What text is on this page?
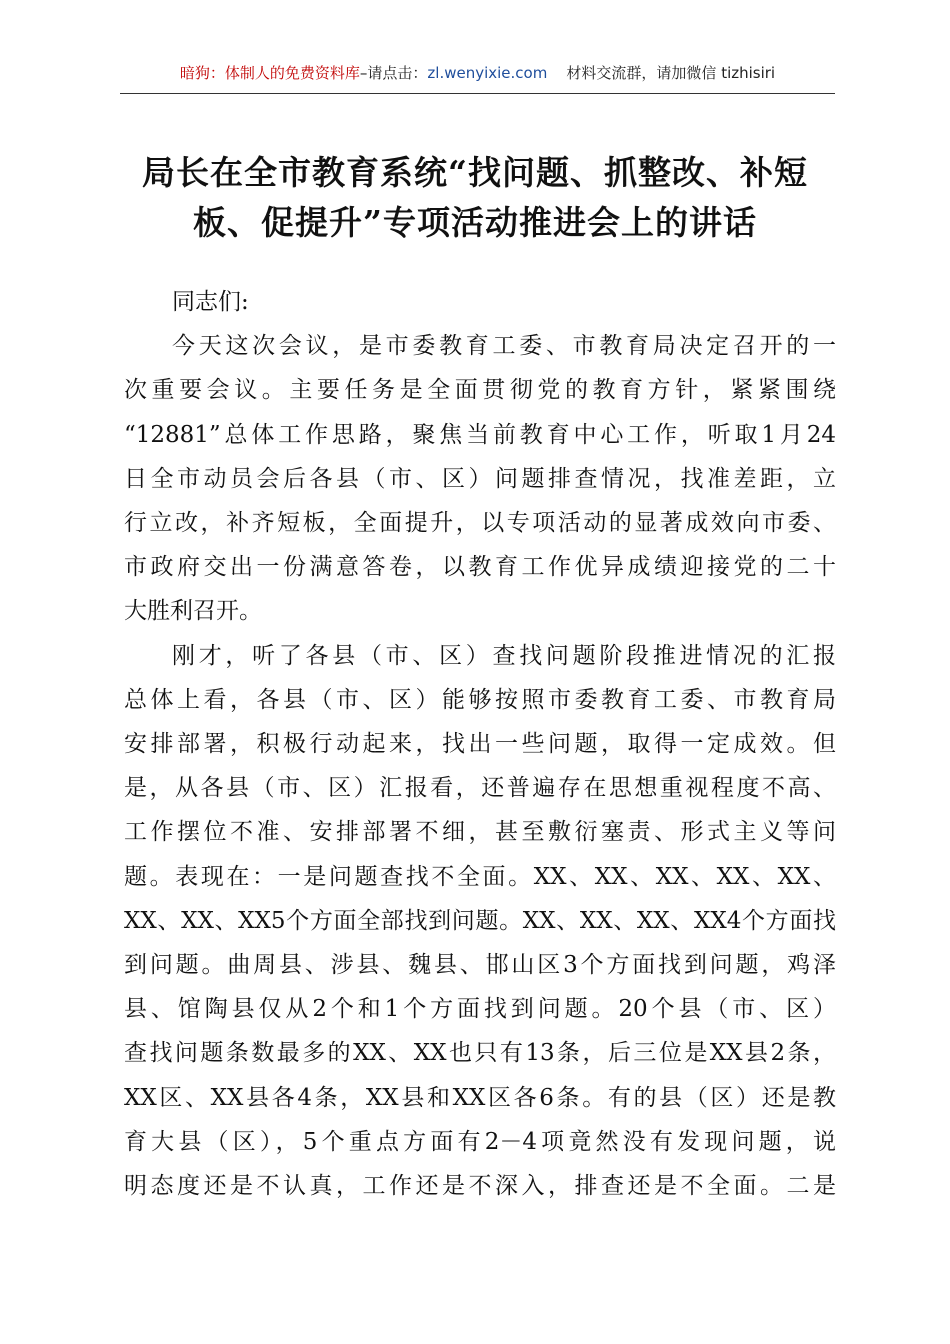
暗狗：体制人的免费资料库–请点击：zl.wenyixie.com 材料交流群，请加微信 tizhisiri
局长在全市教育系统“找问题、抓整改、补短
板、促提升”专项活动推进会上的讲话
同志们:
今天这次会议，是市委教育工委、市教育局决定召开的一
次重要会议。主要任务是全面贯彻党的教育方针，紧紧围绕
“12881”总体工作思路，聚焦当前教育中心工作，听取1月24
日全市动员会后各县（市、区）问题排查情况，找准差距，立
行立改，补齐短板，全面提升，以专项活动的显著成效向市委、
市政府交出一份满意答卷，以教育工作优异成绩迎接党的二十
大胜利召开。
刚才，听了各县（市、区）查找问题阶段推进情况的汇报
总体上看，各县（市、区）能够按照市委教育工委、市教育局
安排部署，积极行动起来，找出一些问题，取得一定成效。但
是，从各县（市、区）汇报看，还普遍存在思想重视程度不高、
工作摆位不准、安排部署不细，甚至敷衍塞责、形式主义等问
题。表现在：一是问题查找不全面。XX、XX、XX、XX、XX、
XX、XX、XX5个方面全部找到问题。XX、XX、XX、XX4个方面找
到问题。曲周县、涉县、魏县、邯山区3个方面找到问题，鸡泽
县、馆陶县仅从2个和1个方面找到问题。20个县（市、区）
查找问题条数最多的XX、XX也只有13条，后三位是XX县2条，
XX区、XX县各4条，XX县和XX区各6条。有的县（区）还是教
育大县（区），5个重点方面有2－4项竟然没有发现问题，说
明态度还是不认真，工作还是不深入，排查还是不全面。二是
